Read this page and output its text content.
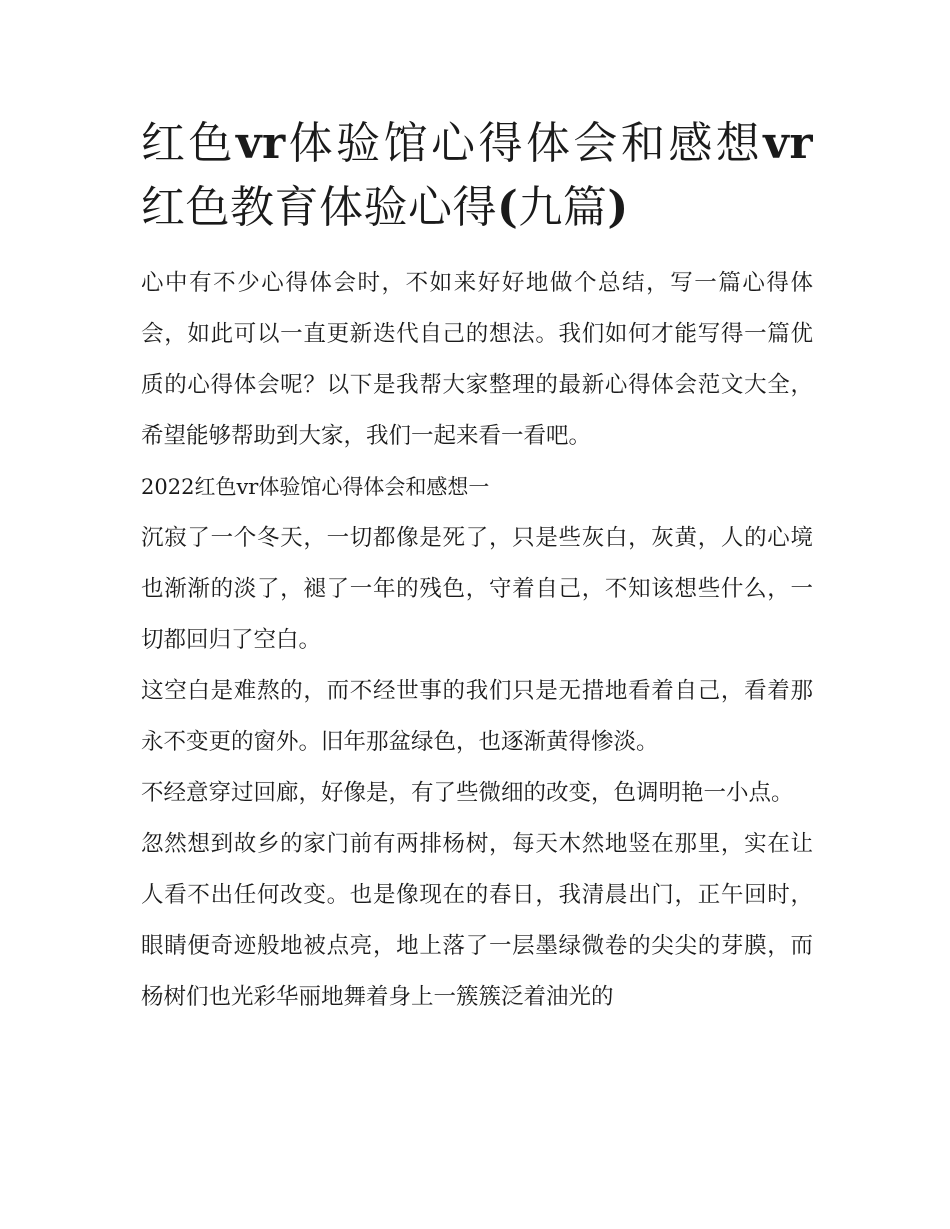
红色vr体验馆心得体会和感想vr红色教育体验心得(九篇)

心中有不少心得体会时，不如来好好地做个总结，写一篇心得体会，如此可以一直更新迭代自己的想法。我们如何才能写得一篇优质的心得体会呢？以下是我帮大家整理的最新心得体会范文大全，希望能够帮助到大家，我们一起来看一看吧。

2022红色vr体验馆心得体会和感想一

沉寂了一个冬天，一切都像是死了，只是些灰白，灰黄，人的心境也渐渐的淡了，褪了一年的残色，守着自己，不知该想些什么，一切都回归了空白。

这空白是难熬的，而不经世事的我们只是无措地看着自己，看着那永不变更的窗外。旧年那盆绿色，也逐渐黄得惨淡。

不经意穿过回廊，好像是，有了些微细的改变，色调明艳一小点。

忽然想到故乡的家门前有两排杨树，每天木然地竖在那里，实在让人看不出任何改变。也是像现在的春日，我清晨出门，正午回时，眼睛便奇迹般地被点亮，地上落了一层墨绿微卷的尖尖的芽膜，而杨树们也光彩华丽地舞着身上一簇簇泛着油光的
